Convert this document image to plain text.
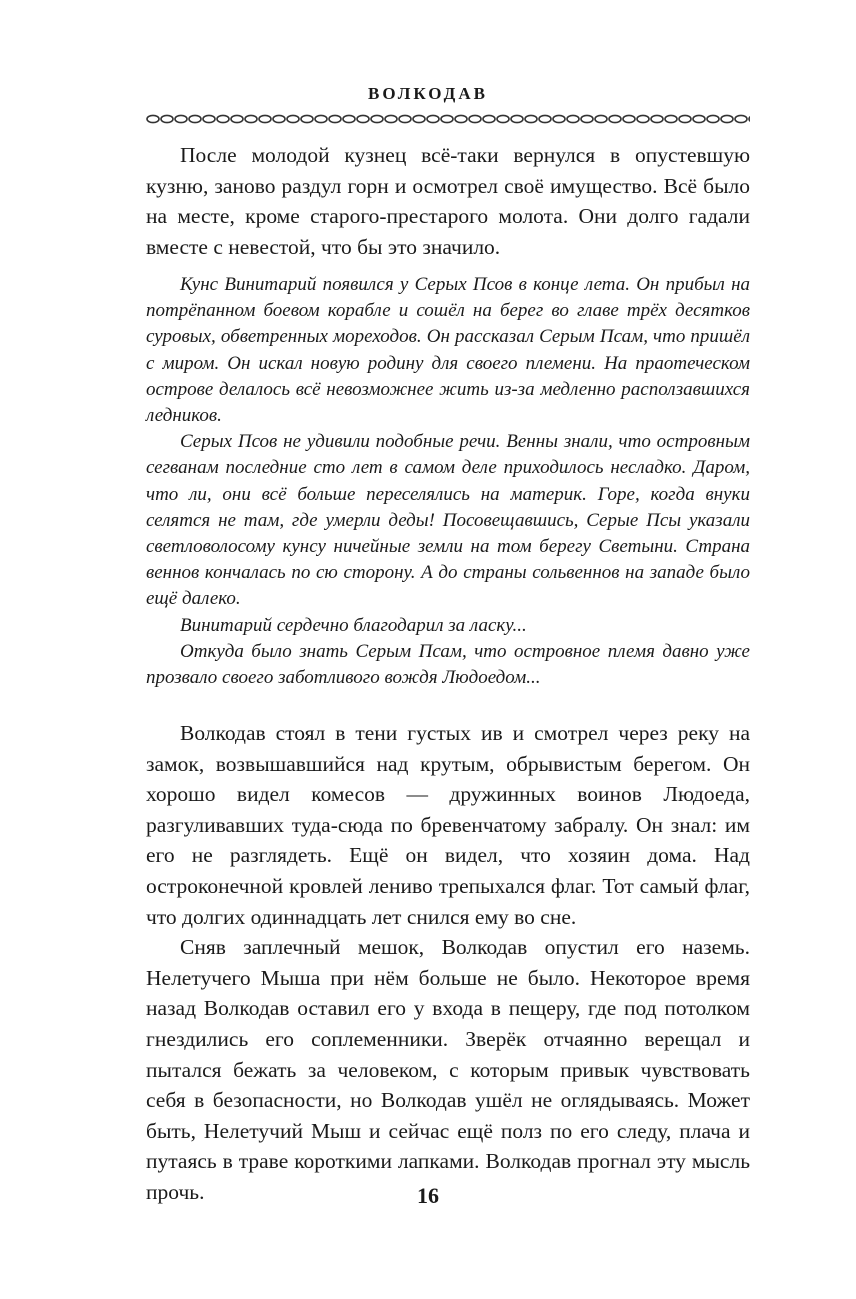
ВОЛКОДАВ

После молодой кузнец всё-таки вернулся в опустевшую кузню, заново раздул горн и осмотрел своё имущество. Всё было на месте, кроме старого-престарого молота. Они долго гадали вместе с невестой, что бы это значило.

Кунс Винитарий появился у Серых Псов в конце лета. Он прибыл на потрёпанном боевом корабле и сошёл на берег во главе трёх десятков суровых, обветренных мореходов. Он рассказал Серым Псам, что пришёл с миром. Он искал новую родину для своего племени. На праотеческом острове делалось всё невозможнее жить из-за медленно расползавшихся ледников.

Серых Псов не удивили подобные речи. Венны знали, что островным сегванам последние сто лет в самом деле приходилось несладко. Даром, что ли, они всё больше переселялись на материк. Горе, когда внуки селятся не там, где умерли деды! Посовещавшись, Серые Псы указали светловолосому кунсу ничейные земли на том берегу Светыни. Страна веннов кончалась по сю сторону. А до страны сольвеннов на западе было ещё далеко.

Винитарий сердечно благодарил за ласку...

Откуда было знать Серым Псам, что островное племя давно уже прозвало своего заботливого вождя Людоедом...

Волкодав стоял в тени густых ив и смотрел через реку на замок, возвышавшийся над крутым, обрывистым берегом. Он хорошо видел комесов — дружинных воинов Людоеда, разгуливавших туда-сюда по бревенчатому забралу. Он знал: им его не разглядеть. Ещё он видел, что хозяин дома. Над остроконечной кровлей лениво трепыхался флаг. Тот самый флаг, что долгих одиннадцать лет снился ему во сне.

Сняв заплечный мешок, Волкодав опустил его наземь. Нелетучего Мыша при нём больше не было. Некоторое время назад Волкодав оставил его у входа в пещеру, где под потолком гнездились его соплеменники. Зверёк отчаянно верещал и пытался бежать за человеком, с которым привык чувствовать себя в безопасности, но Волкодав ушёл не оглядываясь. Может быть, Нелетучий Мыш и сейчас ещё полз по его следу, плача и путаясь в траве короткими лапками. Волкодав прогнал эту мысль прочь.	16
